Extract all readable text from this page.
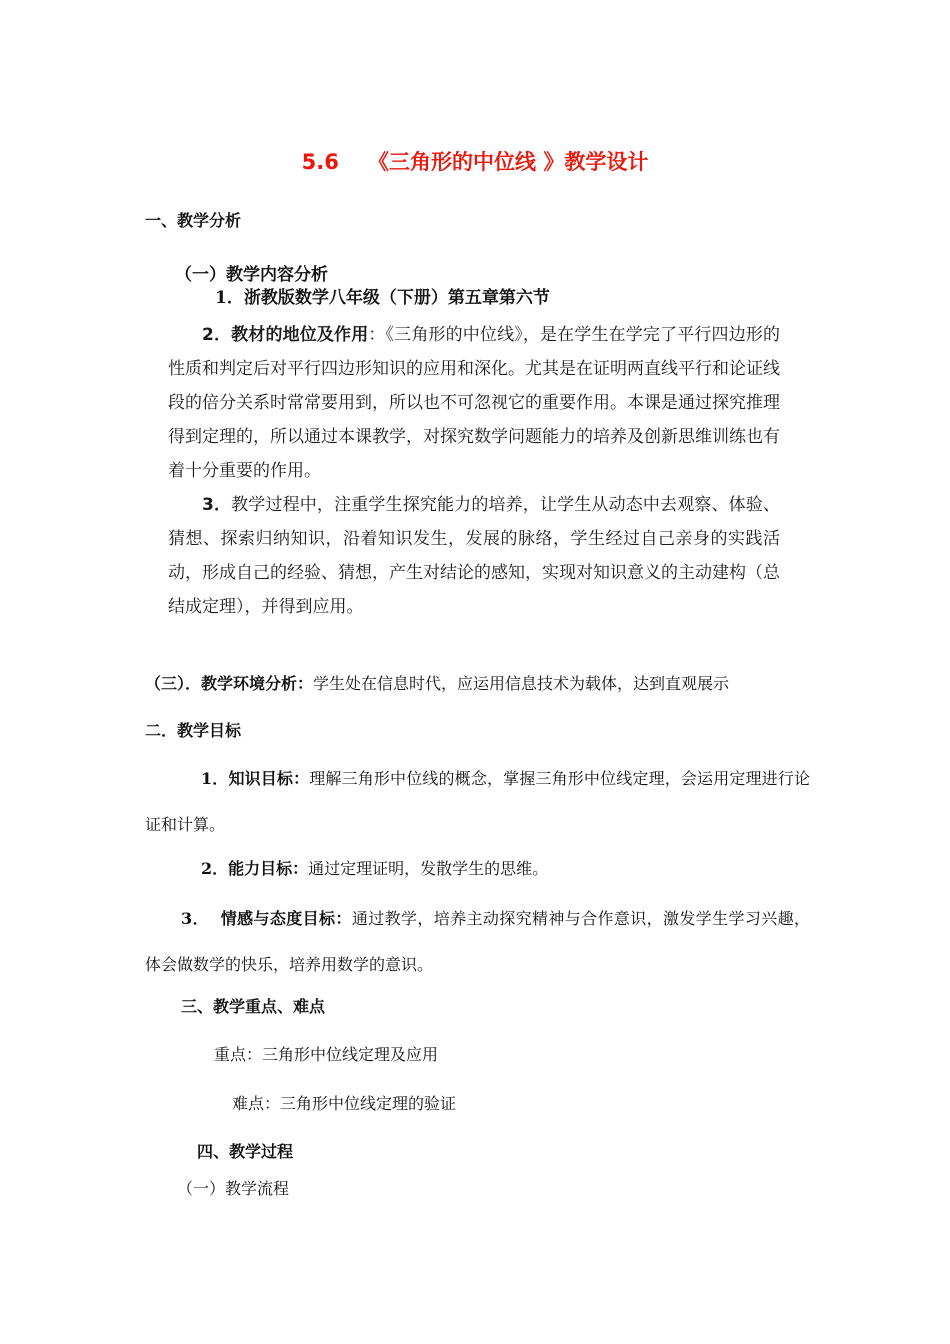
5.6    《三角形的中位线 》教学设计
一、教学分析
（一）教学内容分析
1．浙教版数学八年级（下册）第五章第六节
2．教材的地位及作用：《三角形的中位线》，是在学生在学完了平行四边形的性质和判定后对平行四边形知识的应用和深化。尤其是在证明两直线平行和论证线段的倍分关系时常常要用到，所以也不可忽视它的重要作用。本课是通过探究推理得到定理的，所以通过本课教学，对探究数学问题能力的培养及创新思维训练也有着十分重要的作用。
3．教学过程中，注重学生探究能力的培养，让学生从动态中去观察、体验、猜想、探索归纳知识，沿着知识发生，发展的脉络，学生经过自己亲身的实践活动，形成自己的经验、猜想，产生对结论的感知，实现对知识意义的主动建构（总结成定理），并得到应用。
（三）．教学环境分析：学生处在信息时代，应运用信息技术为载体，达到直观展示
二．教学目标
1．知识目标：理解三角形中位线的概念，掌握三角形中位线定理，会运用定理进行论证和计算。
2．能力目标：通过定理证明，发散学生的思维。
3．  情感与态度目标：通过教学，培养主动探究精神与合作意识，激发学生学习兴趣，体会做数学的快乐，培养用数学的意识。
三、教学重点、难点
重点：三角形中位线定理及应用
难点：三角形中位线定理的验证
四、教学过程
（一）教学流程
